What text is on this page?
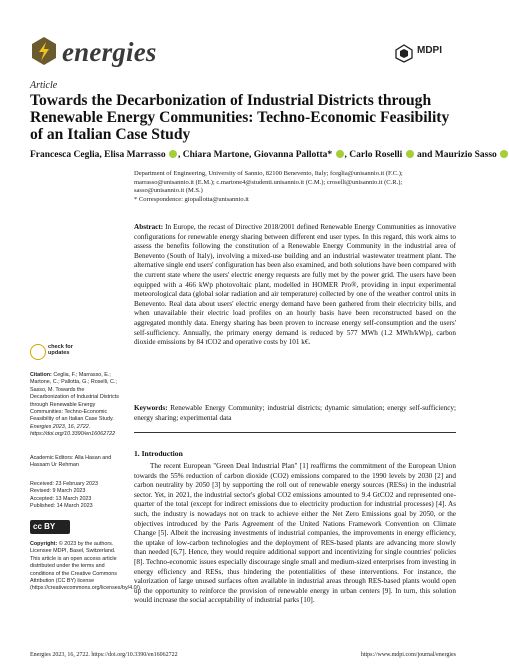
energies	MDPI
Article
Towards the Decarbonization of Industrial Districts through Renewable Energy Communities: Techno-Economic Feasibility of an Italian Case Study
Francesca Ceglia, Elisa Marrasso , Chiara Martone, Giovanna Pallotta* , Carlo Roselli  and Maurizio Sasso
Department of Engineering, University of Sannio, 82100 Benevento, Italy; fceglia@unisannio.it (F.C.); marrasso@unisannio.it (E.M.); c.martone4@studenti.unisannio.it (C.M.); croselli@unisannio.it (C.R.); sasso@unisannio.it (M.S.)
* Correspondence: giopallotta@unisannio.it
Abstract: In Europe, the recast of Directive 2018/2001 defined Renewable Energy Communities as innovative configurations for renewable energy sharing between different end user types. In this regard, this work aims to assess the benefits following the constitution of a Renewable Energy Community in the industrial area of Benevento (South of Italy), involving a mixed-use building and an industrial wastewater treatment plant. The alternative single end users' configuration has been also examined, and both solutions have been compared with the current state where the users' electric energy requests are fully met by the power grid. The users have been equipped with a 466 kWp photovoltaic plant, modelled in HOMER Pro®, providing in input experimental meteorological data (global solar radiation and air temperature) collected by one of the weather control units in Benevento. Real data about users' electric energy demand have been gathered from their electricity bills, and when unavailable their electric load profiles on an hourly basis have been reconstructed based on the aggregated monthly data. Energy sharing has been proven to increase energy self-consumption and the users' self-sufficiency. Annually, the primary energy demand is reduced by 577 MWh (1.2 MWh/kWp), carbon dioxide emissions by 84 tCO2 and operative costs by 101 k€.
Keywords: Renewable Energy Community; industrial districts; dynamic simulation; energy self-sufficiency; energy sharing; experimental data
1. Introduction
The recent European "Green Deal Industrial Plan" [1] reaffirms the commitment of the European Union towards the 55% reduction of carbon dioxide (CO2) emissions compared to the 1990 levels by 2030 [2] and carbon neutrality by 2050 [3] by supporting the roll out of renewable energy sources (RESs) in the industrial sector. Yet, in 2021, the industrial sector's global CO2 emissions amounted to 9.4 GtCO2 and represented one-quarter of the total (except for indirect emissions due to electricity production for industrial processes) [4]. As such, the industry is nowadays not on track to achieve either the Net Zero Emissions goal by 2050, or the objectives introduced by the Paris Agreement of the United Nations Framework Convention on Climate Change [5]. Albeit the increasing investments of industrial companies, the improvements in energy efficiency, the uptake of low-carbon technologies and the deployment of RES-based plants are advancing more slowly than needed [6,7]. Hence, they would require additional support and incentivizing for single countries' policies [8]. Techno-economic issues especially discourage single small and medium-sized enterprises from investing in energy efficiency and RESs, thus hindering the potentialities of these interventions. For instance, the valorization of large unused surfaces often available in industrial areas through RES-based plants would open up the opportunity to reinforce the provision of renewable energy in urban centers [9]. In turn, this solution would increase the social acceptability of industrial parks [10].
check for
updates
Citation: Ceglia, F.; Marrasso, E.; Martone, C.; Pallotta, G.; Roselli, C.; Sasso, M. Towards the Decarbonization of Industrial Districts through Renewable Energy Communities: Techno-Economic Feasibility of an Italian Case Study. Energies 2023, 16, 2722. https://doi.org/10.3390/en16062722
Academic Editors: Alla Hasan and Hassam Ur Rehman
Received: 23 February 2023
Revised: 9 March 2023
Accepted: 13 March 2023
Published: 14 March 2023
cc BY
Copyright: © 2023 by the authors. Licensee MDPI, Basel, Switzerland. This article is an open access article distributed under the terms and conditions of the Creative Commons Attribution (CC BY) license (https://creativecommons.org/licenses/by/4.0/).
Energies 2023, 16, 2722. https://doi.org/10.3390/en16062722	https://www.mdpi.com/journal/energies
